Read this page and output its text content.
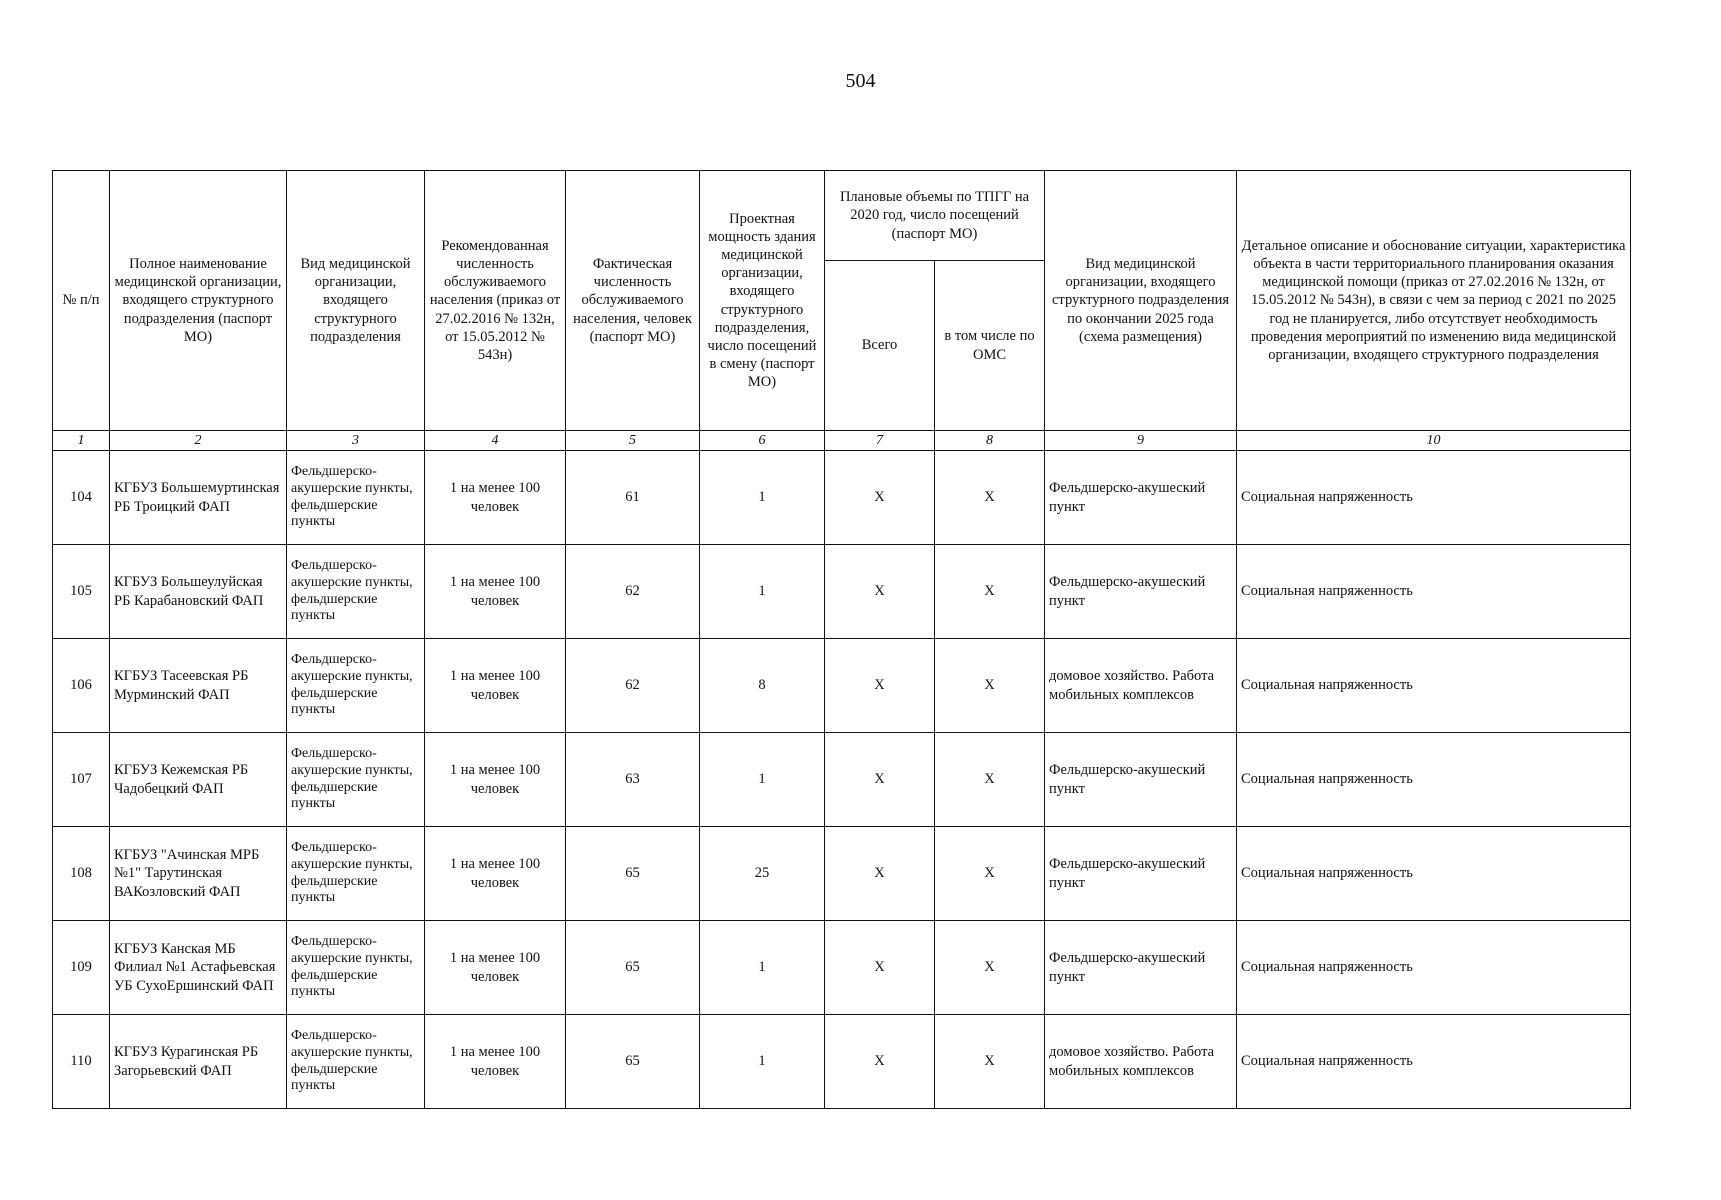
504
№ п/п	Полное наименование медицинской организации, входящего структурного подразделения (паспорт МО)	Вид медицинской организации, входящего структурного подразделения	Рекомендованная численность обслуживаемого населения (приказ от 27.02.2016 № 132н, от 15.05.2012 № 543н)	Фактическая численность обслуживаемого населения, человек (паспорт МО)	Проектная мощность здания медицинской организации, входящего структурного подразделения, число посещений в смену (паспорт МО)	Плановые объемы по ТПГГ на 2020 год, число посещений (паспорт МО)		Вид медицинской организации, входящего структурного подразделения по окончании 2025 года (схема размещения)	Детальное описание и обоснование ситуации, характеристика объекта в части территориального планирования оказания медицинской помощи (приказ от 27.02.2016 № 132н, от 15.05.2012 № 543н), в связи с чем за период с 2021 по 2025 год не планируется, либо отсутствует необходимость проведения мероприятий по изменению вида медицинской организации, входящего структурного подразделения
						Всего	в том числе по ОМС		
1	2	3	4	5	6	7	8	9	10
104	КГБУЗ Большемуртинская РБ Троицкий ФАП	Фельдшерско-акушерские пункты, фельдшерские пункты	1 на менее 100 человек	61	1	X	X	Фельдшерско-акушеский пункт	Социальная напряженность
105	КГБУЗ Большеулуйская РБ Карабановский ФАП	Фельдшерско-акушерские пункты, фельдшерские пункты	1 на менее 100 человек	62	1	X	X	Фельдшерско-акушеский пункт	Социальная напряженность
106	КГБУЗ Тасеевская РБ Мурминский ФАП	Фельдшерско-акушерские пункты, фельдшерские пункты	1 на менее 100 человек	62	8	X	X	домовое хозяйство. Работа мобильных комплексов	Социальная напряженность
107	КГБУЗ Кежемская РБ Чадобецкий ФАП	Фельдшерско-акушерские пункты, фельдшерские пункты	1 на менее 100 человек	63	1	X	X	Фельдшерско-акушеский пункт	Социальная напряженность
108	КГБУЗ "Ачинская МРБ №1" Тарутинская ВАКозловский ФАП	Фельдшерско-акушерские пункты, фельдшерские пункты	1 на менее 100 человек	65	25	X	X	Фельдшерско-акушеский пункт	Социальная напряженность
109	КГБУЗ Канская МБ Филиал №1 Астафьевская УБ СухоЕршинский ФАП	Фельдшерско-акушерские пункты, фельдшерские пункты	1 на менее 100 человек	65	1	X	X	Фельдшерско-акушеский пункт	Социальная напряженность
110	КГБУЗ Курагинская РБ Загорьевский ФАП	Фельдшерско-акушерские пункты, фельдшерские пункты	1 на менее 100 человек	65	1	X	X	домовое хозяйство. Работа мобильных комплексов	Социальная напряженность
